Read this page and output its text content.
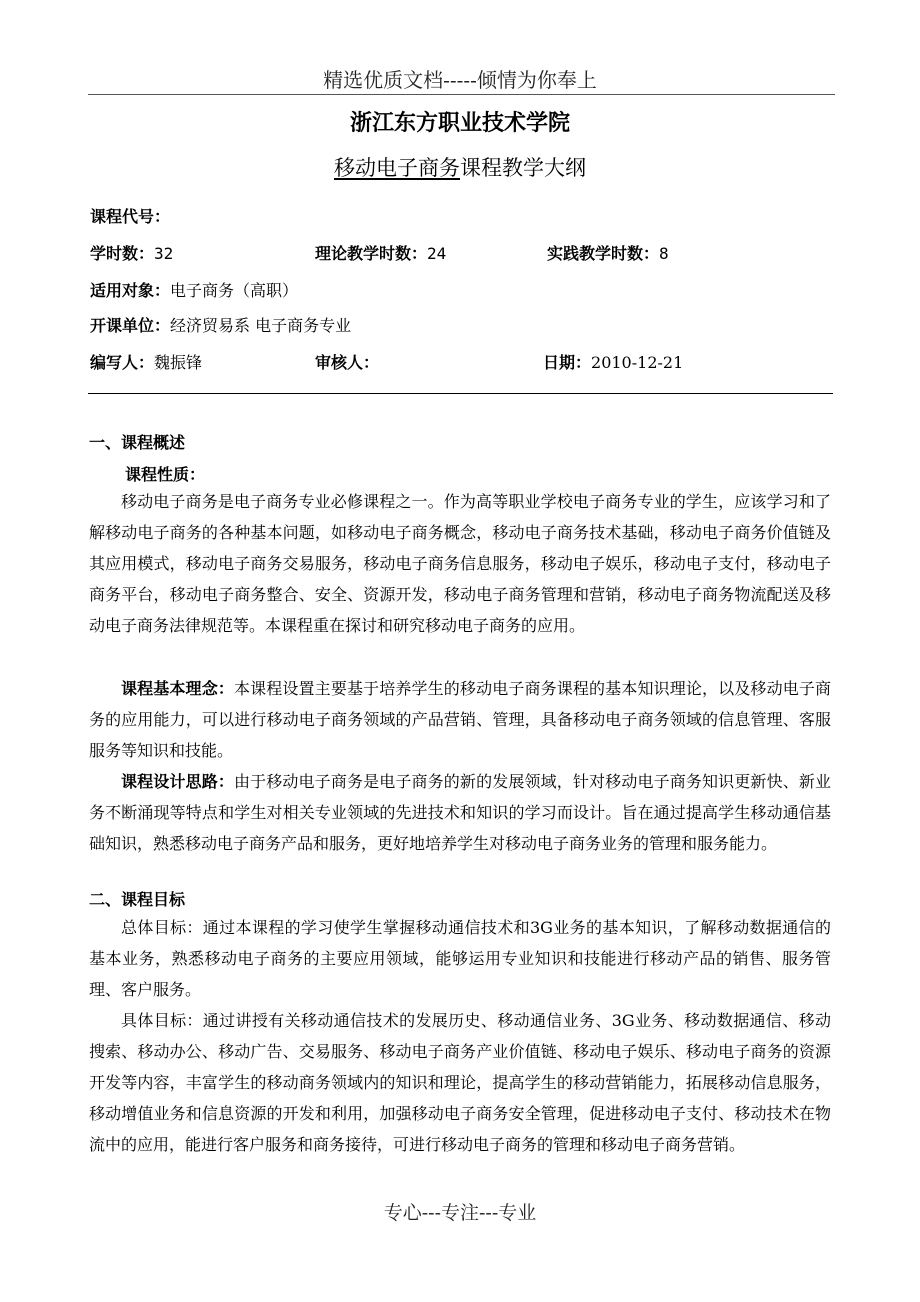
精选优质文档-----倾情为你奉上
浙江东方职业技术学院
移动电子商务课程教学大纲
课程代号：
学时数：32	理论教学时数：24	实践教学时数：8
适用对象：电子商务（高职）
开课单位：经济贸易系 电子商务专业
编写人：魏振锋	审核人：	日期：2010-12-21
一、课程概述
课程性质：
移动电子商务是电子商务专业必修课程之一。作为高等职业学校电子商务专业的学生，应该学习和了解移动电子商务的各种基本问题，如移动电子商务概念，移动电子商务技术基础，移动电子商务价值链及其应用模式，移动电子商务交易服务，移动电子商务信息服务，移动电子娱乐，移动电子支付，移动电子商务平台，移动电子商务整合、安全、资源开发，移动电子商务管理和营销，移动电子商务物流配送及移动电子商务法律规范等。本课程重在探讨和研究移动电子商务的应用。
课程基本理念：本课程设置主要基于培养学生的移动电子商务课程的基本知识理论，以及移动电子商务的应用能力，可以进行移动电子商务领域的产品营销、管理，具备移动电子商务领域的信息管理、客服服务等知识和技能。
课程设计思路：由于移动电子商务是电子商务的新的发展领域，针对移动电子商务知识更新快、新业务不断涌现等特点和学生对相关专业领域的先进技术和知识的学习而设计。旨在通过提高学生移动通信基础知识，熟悉移动电子商务产品和服务，更好地培养学生对移动电子商务业务的管理和服务能力。
二、课程目标
总体目标：通过本课程的学习使学生掌握移动通信技术和3G业务的基本知识，了解移动数据通信的基本业务，熟悉移动电子商务的主要应用领域，能够运用专业知识和技能进行移动产品的销售、服务管理、客户服务。
具体目标：通过讲授有关移动通信技术的发展历史、移动通信业务、3G业务、移动数据通信、移动搜索、移动办公、移动广告、交易服务、移动电子商务产业价值链、移动电子娱乐、移动电子商务的资源开发等内容，丰富学生的移动商务领域内的知识和理论，提高学生的移动营销能力，拓展移动信息服务，移动增值业务和信息资源的开发和利用，加强移动电子商务安全管理，促进移动电子支付、移动技术在物流中的应用，能进行客户服务和商务接待，可进行移动电子商务的管理和移动电子商务营销。
专心---专注---专业
